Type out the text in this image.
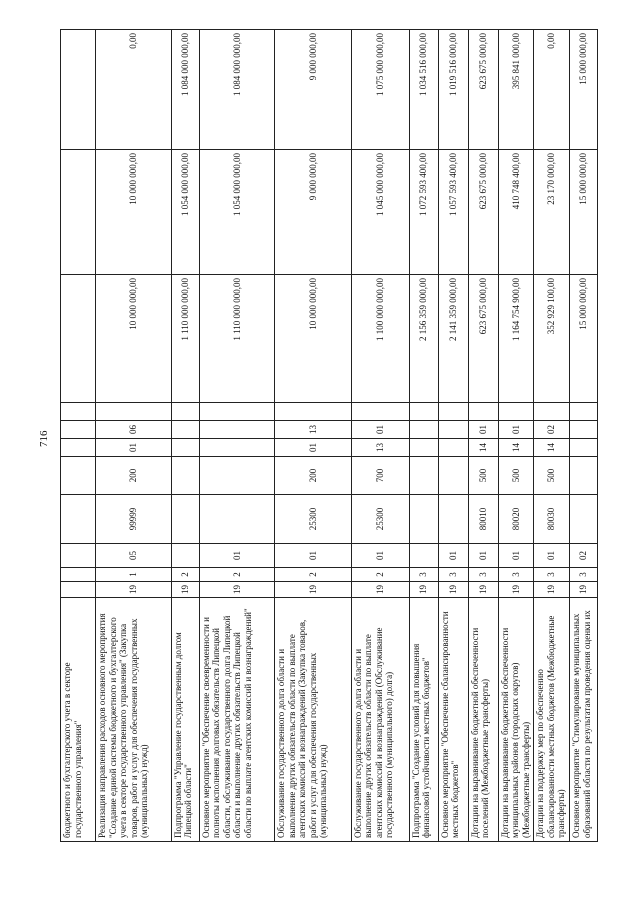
716
бюджетного и бухгалтерского учета в секторе государственного управления"											
Реализация направления расходов основного мероприятия "Создание единой системы бюджетного и бухгалтерского учета в секторе государственного управления" (Закупка товаров, работ и услуг для обеспечения государственных (муниципальных) нужд)	19	1	05	99999	200	01	06		10 000 000,00	10 000 000,00	0,00
Подпрограмма "Управление государственным долгом Липецкой области"	19	2							1 110 000 000,00	1 054 000 000,00	1 084 000 000,00
Основное мероприятие "Обеспечение своевременности и полноты исполнения долговых обязательств Липецкой области, обслуживание государственного долга Липецкой области и выполнение других обязательств Липецкой области по выплате агентских комиссий и вознаграждений"	19	2	01						1 110 000 000,00	1 054 000 000,00	1 084 000 000,00
Обслуживание государственного долга области и выполнение других обязательств области по выплате агентских комиссий и вознаграждений (Закупка товаров, работ и услуг для обеспечения государственных (муниципальных) нужд)	19	2	01	25300	200	01	13		10 000 000,00	9 000 000,00	9 000 000,00
Обслуживание государственного долга области и выполнение других обязательств области по выплате агентских комиссий и вознаграждений (Обслуживание государственного (муниципального) долга)	19	2	01	25300	700	13	01		1 100 000 000,00	1 045 000 000,00	1 075 000 000,00
Подпрограмма "Создание условий для повышения финансовой устойчивости местных бюджетов"	19	3							2 156 359 000,00	1 072 593 400,00	1 034 516 000,00
Основное мероприятие "Обеспечение сбалансированности местных бюджетов"	19	3	01						2 141 359 000,00	1 057 593 400,00	1 019 516 000,00
Дотации на выравнивание бюджетной обеспеченности поселений (Межбюджетные трансферты)	19	3	01	80010	500	14	01		623 675 000,00	623 675 000,00	623 675 000,00
Дотации на выравнивание бюджетной обеспеченности муниципальных районов (городских округов) (Межбюджетные трансферты)	19	3	01	80020	500	14	01		1 164 754 900,00	410 748 400,00	395 841 000,00
Дотации на поддержку мер по обеспечению сбалансированности местных бюджетов (Межбюджетные трансферты)	19	3	01	80030	500	14	02		352 929 100,00	23 170 000,00	0,00
Основное мероприятие "Стимулирование муниципальных образований области по результатам проведения оценки их	19	3	02						15 000 000,00	15 000 000,00	15 000 000,00
